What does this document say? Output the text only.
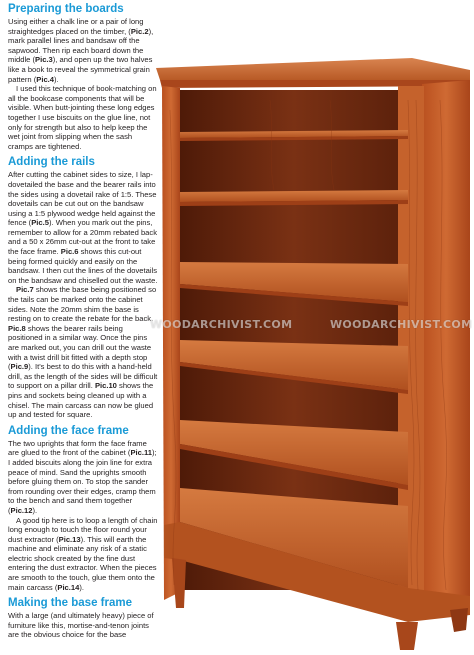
Preparing the boards

Using either a chalk line or a pair of long straightedges placed on the timber, (Pic.2), mark parallel lines and bandsaw off the sapwood. Then rip each board down the middle (Pic.3), and open up the two halves like a book to reveal the symmetrical grain pattern (Pic.4).

I used this technique of book-matching on all the bookcase components that will be visible. When butt-jointing these long edges together I use biscuits on the glue line, not only for strength but also to help keep the wet joint from slipping when the sash cramps are tightened.

Adding the rails

After cutting the cabinet sides to size, I lap-dovetailed the base and the bearer rails into the sides using a dovetail rake of 1:5. These dovetails can be cut out on the bandsaw using a 1:5 plywood wedge held against the fence (Pic.5). When you mark out the pins, remember to allow for a 20mm rebated back and a 50 x 26mm cut-out at the front to take the face frame. Pic.6 shows this cut-out being formed quickly and easily on the bandsaw. I then cut the lines of the dovetails on the bandsaw and chiselled out the waste.

Pic.7 shows the base being positioned so the tails can be marked onto the cabinet sides. Note the 20mm shim the base is resting on to create the rebate for the back. Pic.8 shows the bearer rails being positioned in a similar way. Once the pins are marked out, you can drill out the waste with a twist drill bit fitted with a depth stop (Pic.9). It's best to do this with a hand-held drill, as the length of the sides will be difficult to support on a pillar drill. Pic.10 shows the pins and sockets being cleaned up with a chisel. The main carcass can now be glued up and tested for square.

Adding the face frame

The two uprights that form the face frame are glued to the front of the cabinet (Pic.11); I added biscuits along the join line for extra peace of mind. Sand the uprights smooth before gluing them on. To stop the sander from rounding over their edges, cramp them to the bench and sand them together (Pic.12).

A good tip here is to loop a length of chain long enough to touch the floor round your dust extractor (Pic.13). This will earth the machine and eliminate any risk of a static electric shock created by the fine dust entering the dust extractor. When the pieces are smooth to the touch, glue them onto the main carcass (Pic.14).

Making the base frame

With a large (and ultimately heavy) piece of furniture like this, mortise-and-tenon joints are the obvious choice for the base

WOODARCHIVIST.COM	WOODARCHIVIST.COM
